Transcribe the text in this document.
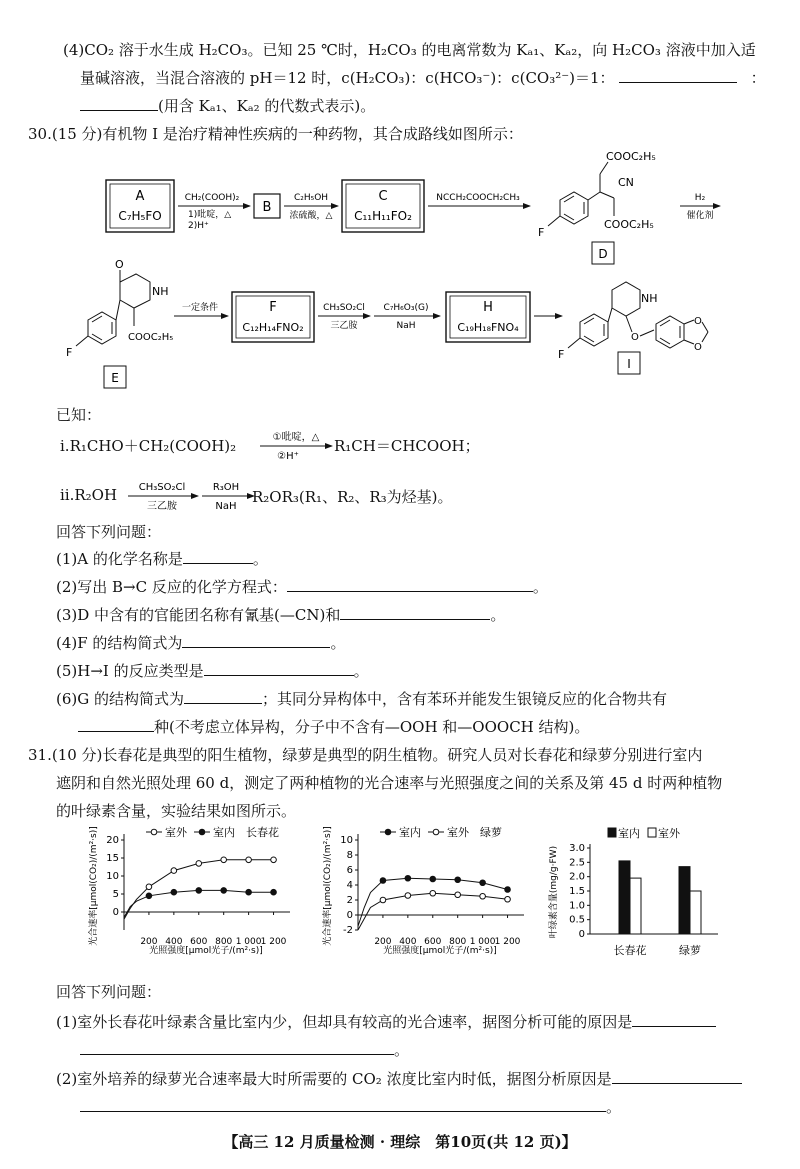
(4)CO₂ 溶于水生成 H₂CO₃。已知 25 ℃时，H₂CO₃ 的电离常数为 Kₐ₁、Kₐ₂，向 H₂CO₃ 溶液中加入适
量碱溶液，当混合溶液的 pH＝12 时，c(H₂CO₃)：c(HCO₃⁻)：c(CO₃²⁻)＝1：	：
(用含 Kₐ₁、Kₐ₂ 的代数式表示)。
30.(15 分)有机物 I 是治疗精神性疾病的一种药物，其合成路线如图所示：
A
C₇H₅FO
CH₂(COOH)₂
1)吡啶，△
2)H⁺
B
C₂H₅OH
浓硫酸，△
C
C₁₁H₁₁FO₂
NCCH₂COOCH₂CH₃
COOC₂H₅
CN
COOC₂H₅
F
D
H₂
催化剂
O
NH
COOC₂H₅
F
E
一定条件	F
C₁₂H₁₄FNO₂
CH₃SO₂Cl
三乙胺
C₇H₆O₃(G)
NaH
H
C₁₉H₁₈FNO₄
NH
O
O
O
F
I
已知：
ⅰ.R₁CHO＋CH₂(COOH)₂	①吡啶，△
②H⁺
R₁CH＝CHCOOH；
ⅱ.R₂OH CH₃SO₂Cl
三乙胺
R₃OH
NaH
R₂OR₃(R₁、R₂、R₃为烃基)。
回答下列问题：
(1)A 的化学名称是	。
(2)写出 B→C 反应的化学方程式：	。
(3)D 中含有的官能团名称有氰基(—CN)和	。
(4)F 的结构简式为	。
(5)H→I 的反应类型是	。
(6)G 的结构简式为	；其同分异构体中，含有苯环并能发生银镜反应的化合物共有
种(不考虑立体异构，分子中不含有—OOH 和—OOOCH 结构)。
31.(10 分)长春花是典型的阳生植物，绿萝是典型的阴生植物。研究人员对长春花和绿萝分别进行室内
遮阴和自然光照处理 60 d，测定了两种植物的光合速率与光照强度之间的关系及第 45 d 时两种植物
的叶绿素含量，实验结果如图所示。
0
5
10
15
20
200 400 600 800 1 000 1 200
光照强度[μmol光子/(m²·s)]
光合速率[μmol(CO₂)/(m²·s)]	室外 室内 长春花
-2
0
2
4
6
8
10
200 400 600 800 1 000 1 200
光照强度[μmol光子/(m²·s)]
光合速率[μmol(CO₂)/(m²·s)]	室内 室外 绿萝
0
0.5
1.0
1.5
2.0
2.5
3.0
叶绿素含量(mg/g·FW)
长春花	绿萝
室内 室外
回答下列问题：
(1)室外长春花叶绿素含量比室内少，但却具有较高的光合速率，据图分析可能的原因是
。
(2)室外培养的绿萝光合速率最大时所需要的 CO₂ 浓度比室内时低，据图分析原因是
。
【高三 12 月质量检测 · 理综　第10页(共 12 页)】
